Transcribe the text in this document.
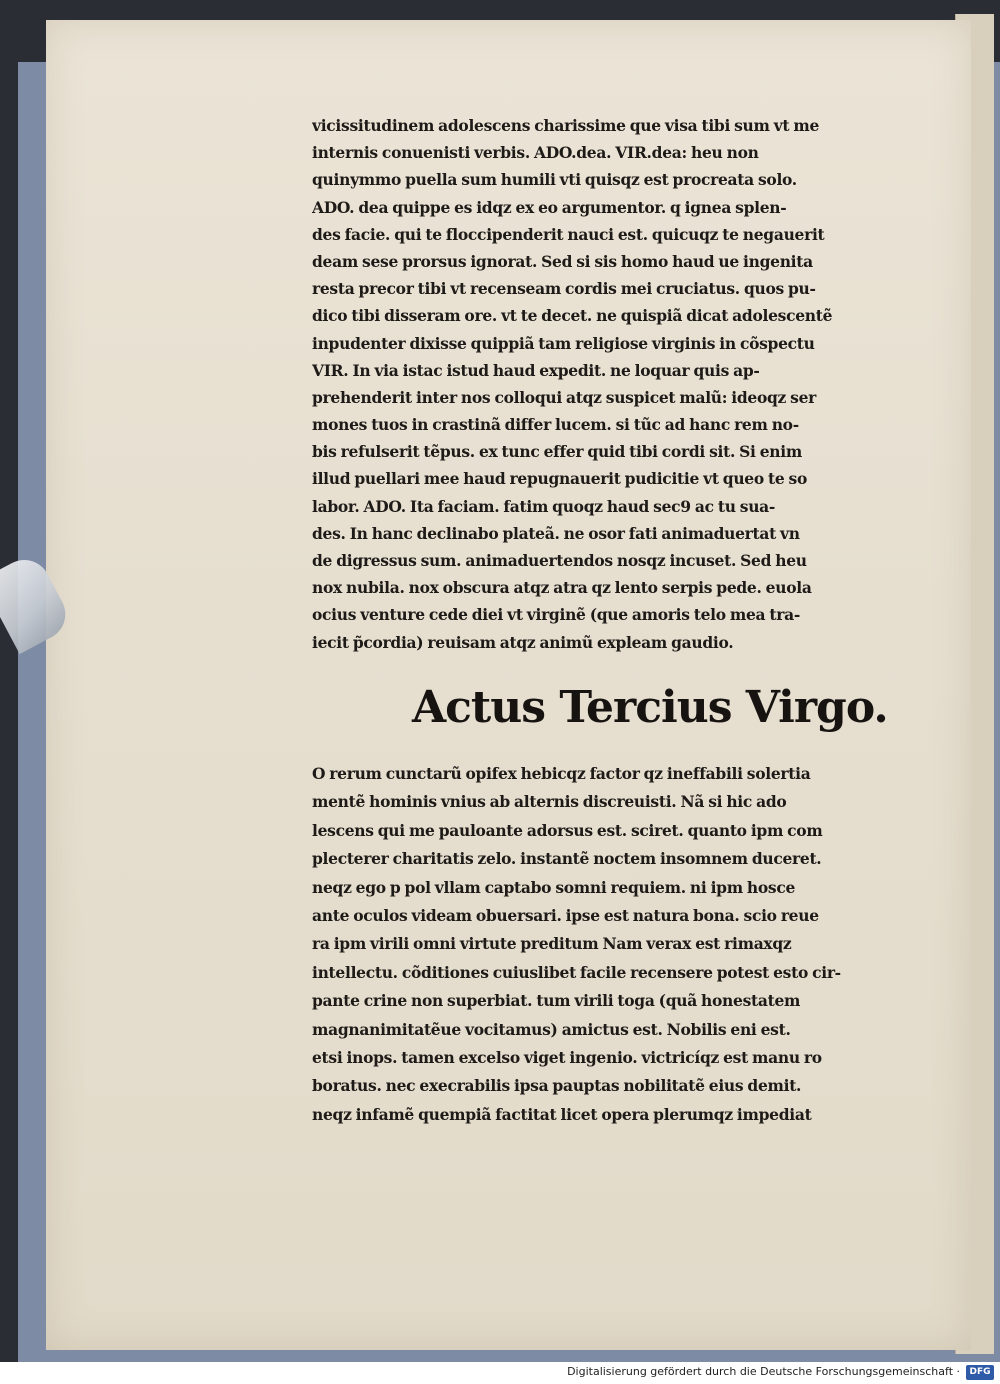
vicissitudinem adolescens charissime que visa tibi sum vt me
internis conuenisti verbis. ADO.dea. VIR.dea: heu non
quinymmo puella sum humili vti quisqz est procreata solo.
ADO. dea quippe es idqz ex eo argumentor. q ignea splen-
des facie. qui te floccipenderit nauci est. quicuqz te negauerit
deam sese prorsus ignorat. Sed si sis homo haud ue ingenita
resta precor tibi vt recenseam cordis mei cruciatus. quos pu-
dico tibi disseram ore. vt te decet. ne quispiã dicat adolescentẽ
inpudenter dixisse quippiã tam religiose virginis in cõspectu
VIR. In via istac istud haud expedit. ne loquar quis ap-
prehenderit inter nos colloqui atqz suspicet malũ: ideoqz ser
mones tuos in crastinã differ lucem. si tũc ad hanc rem no-
bis refulserit tẽpus. ex tunc effer quid tibi cordi sit. Si enim
illud puellari mee haud repugnauerit pudicitie vt queo te so
labor. ADO. Ita faciam. fatim quoqz haud sec9 ac tu sua-
des. In hanc declinabo plateã. ne osor fati animaduertat vn
de digressus sum. animaduertendos nosqz incuset. Sed heu
nox nubila. nox obscura atqz atra qz lento serpis pede. euola
ocius venture cede diei vt virginẽ (que amoris telo mea tra-
iecit p̃cordia) reuisam atqz animũ expleam gaudio.
Actus Tercius Virgo.
O rerum cunctarũ opifex hebicqz factor qz ineffabili solertia
mentẽ hominis vnius ab alternis discreuisti. Nã si hic ado
lescens qui me pauloante adorsus est. sciret. quanto ipm com
plecterer charitatis zelo. instantẽ noctem insomnem duceret.
neqz ego p pol vllam captabo somni requiem. ni ipm hosce
ante oculos videam obuersari. ipse est natura bona. scio reue
ra ipm virili omni virtute preditum Nam verax est rimaxqz
intellectu. cõditiones cuiuslibet facile recensere potest esto cir-
pante crine non superbiat. tum virili toga (quã honestatem
magnanimitatẽue vocitamus) amictus est. Nobilis eni est.
etsi inops. tamen excelso viget ingenio. victricíqz est manu ro
boratus. nec execrabilis ipsa pauptas nobilitatẽ eius demit.
neqz infamẽ quempiã factitat licet opera plerumqz impediat
Digitalisierung gefördert durch die Deutsche Forschungsgemeinschaft ·	DFG
